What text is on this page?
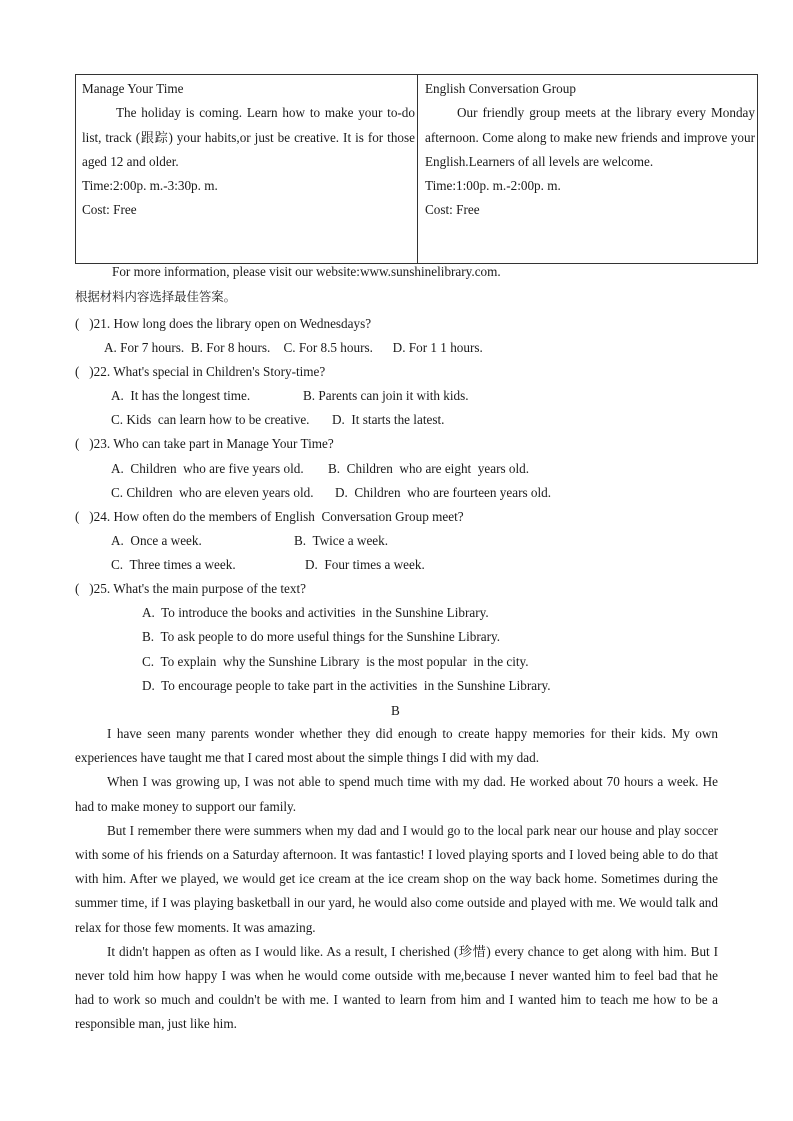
Manage Your Time
The holiday is coming. Learn how to make your to-do list, track (跟踪) your habits,or just be creative. It is for those aged 12 and older.
Time:2:00p. m.-3:30p. m.
Cost: Free
English Conversation Group
Our friendly group meets at the library every Monday afternoon. Come along to make new friends and improve your English.Learners of all levels are welcome.
Time:1:00p. m.-2:00p. m.
Cost: Free
For more information, please visit our website:www.sunshinelibrary.com.
根据材料内容选择最佳答案。
(   )21. How long does the library open on Wednesdays?
A. For 7 hours.  B. For 8 hours.    C. For 8.5 hours.      D. For 1 1 hours.
(   )22. What's special in Children's Story-time?
A.  It has the longest time.	B. Parents can join it with kids.
C. Kids  can learn how to be creative. D.  It starts the latest.
(   )23. Who can take part in Manage Your Time?
A.  Children  who are five years old. B.  Children  who are eight  years old.
C. Children  who are eleven years old. D.  Children  who are fourteen years old.
(   )24. How often do the members of English  Conversation Group meet?
A.  Once a week.	B.  Twice a week.
C.  Three times a week.	D.  Four times a week.
(   )25. What's the main purpose of the text?
A.  To introduce the books and activities  in the Sunshine Library.
B.  To ask people to do more useful things for the Sunshine Library.
C.  To explain  why the Sunshine Library  is the most popular  in the city.
D.  To encourage people to take part in the activities  in the Sunshine Library.
B

I have seen many parents wonder whether they did enough to create happy memories for their kids. My own experiences have taught me that I cared most about the simple things I did with my dad.

When I was growing up, I was not able to spend much time with my dad. He worked about 70 hours a week. He had to make money to support our family.

But I remember there were summers when my dad and I would go to the local park near our house and play soccer with some of his friends on a Saturday afternoon. It was fantastic! I loved playing sports and I loved being able to do that with him. After we played, we would get ice cream at the ice cream shop on the way back home. Sometimes during the summer time, if I was playing basketball in our yard, he would also come outside and played with me. We would talk and relax for those few moments. It was amazing.

It didn't happen as often as I would like. As a result, I cherished (珍惜) every chance to get along with him. But I never told him how happy I was when he would come outside with me,because I never wanted him to feel bad that he had to work so much and couldn't be with me. I wanted to learn from him and I wanted him to teach me how to be a responsible man, just like him.
